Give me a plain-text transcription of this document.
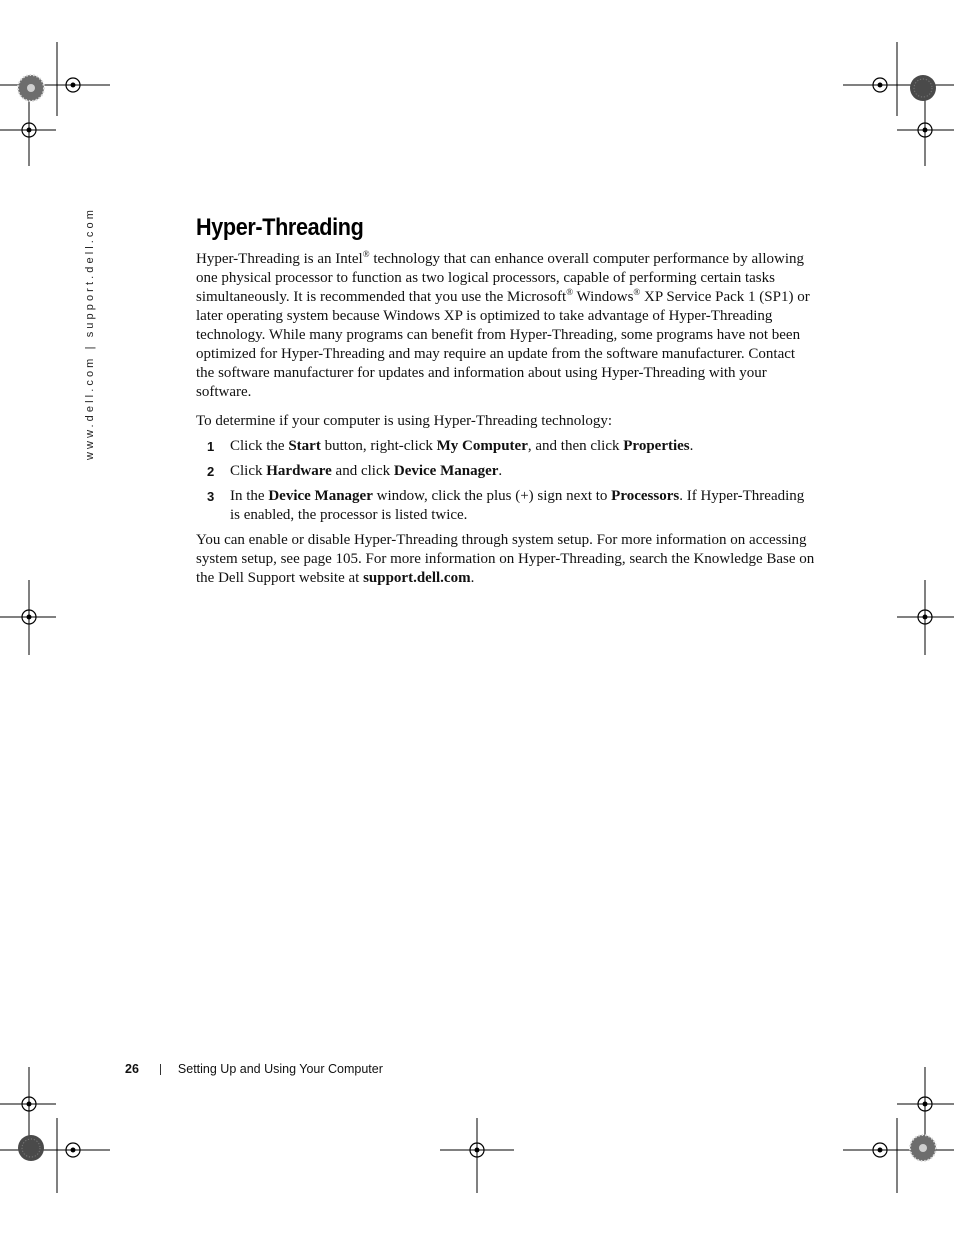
www.dell.com | support.dell.com	Hyper-Threading

Hyper-Threading is an Intel® technology that can enhance overall computer performance by allowing one physical processor to function as two logical processors, capable of performing certain tasks simultaneously. It is recommended that you use the Microsoft® Windows® XP Service Pack 1 (SP1) or later operating system because Windows XP is optimized to take advantage of Hyper-Threading technology. While many programs can benefit from Hyper-Threading, some programs have not been optimized for Hyper-Threading and may require an update from the software manufacturer. Contact the software manufacturer for updates and information about using Hyper-Threading with your software.

To determine if your computer is using Hyper-Threading technology:

1 Click the Start button, right-click My Computer, and then click Properties.
2 Click Hardware and click Device Manager.
3 In the Device Manager window, click the plus (+) sign next to Processors. If Hyper-Threading is enabled, the processor is listed twice.

You can enable or disable Hyper-Threading through system setup. For more information on accessing system setup, see page 105. For more information on Hyper-Threading, search the Knowledge Base on the Dell Support website at support.dell.com.

26	Setting Up and Using Your Computer
